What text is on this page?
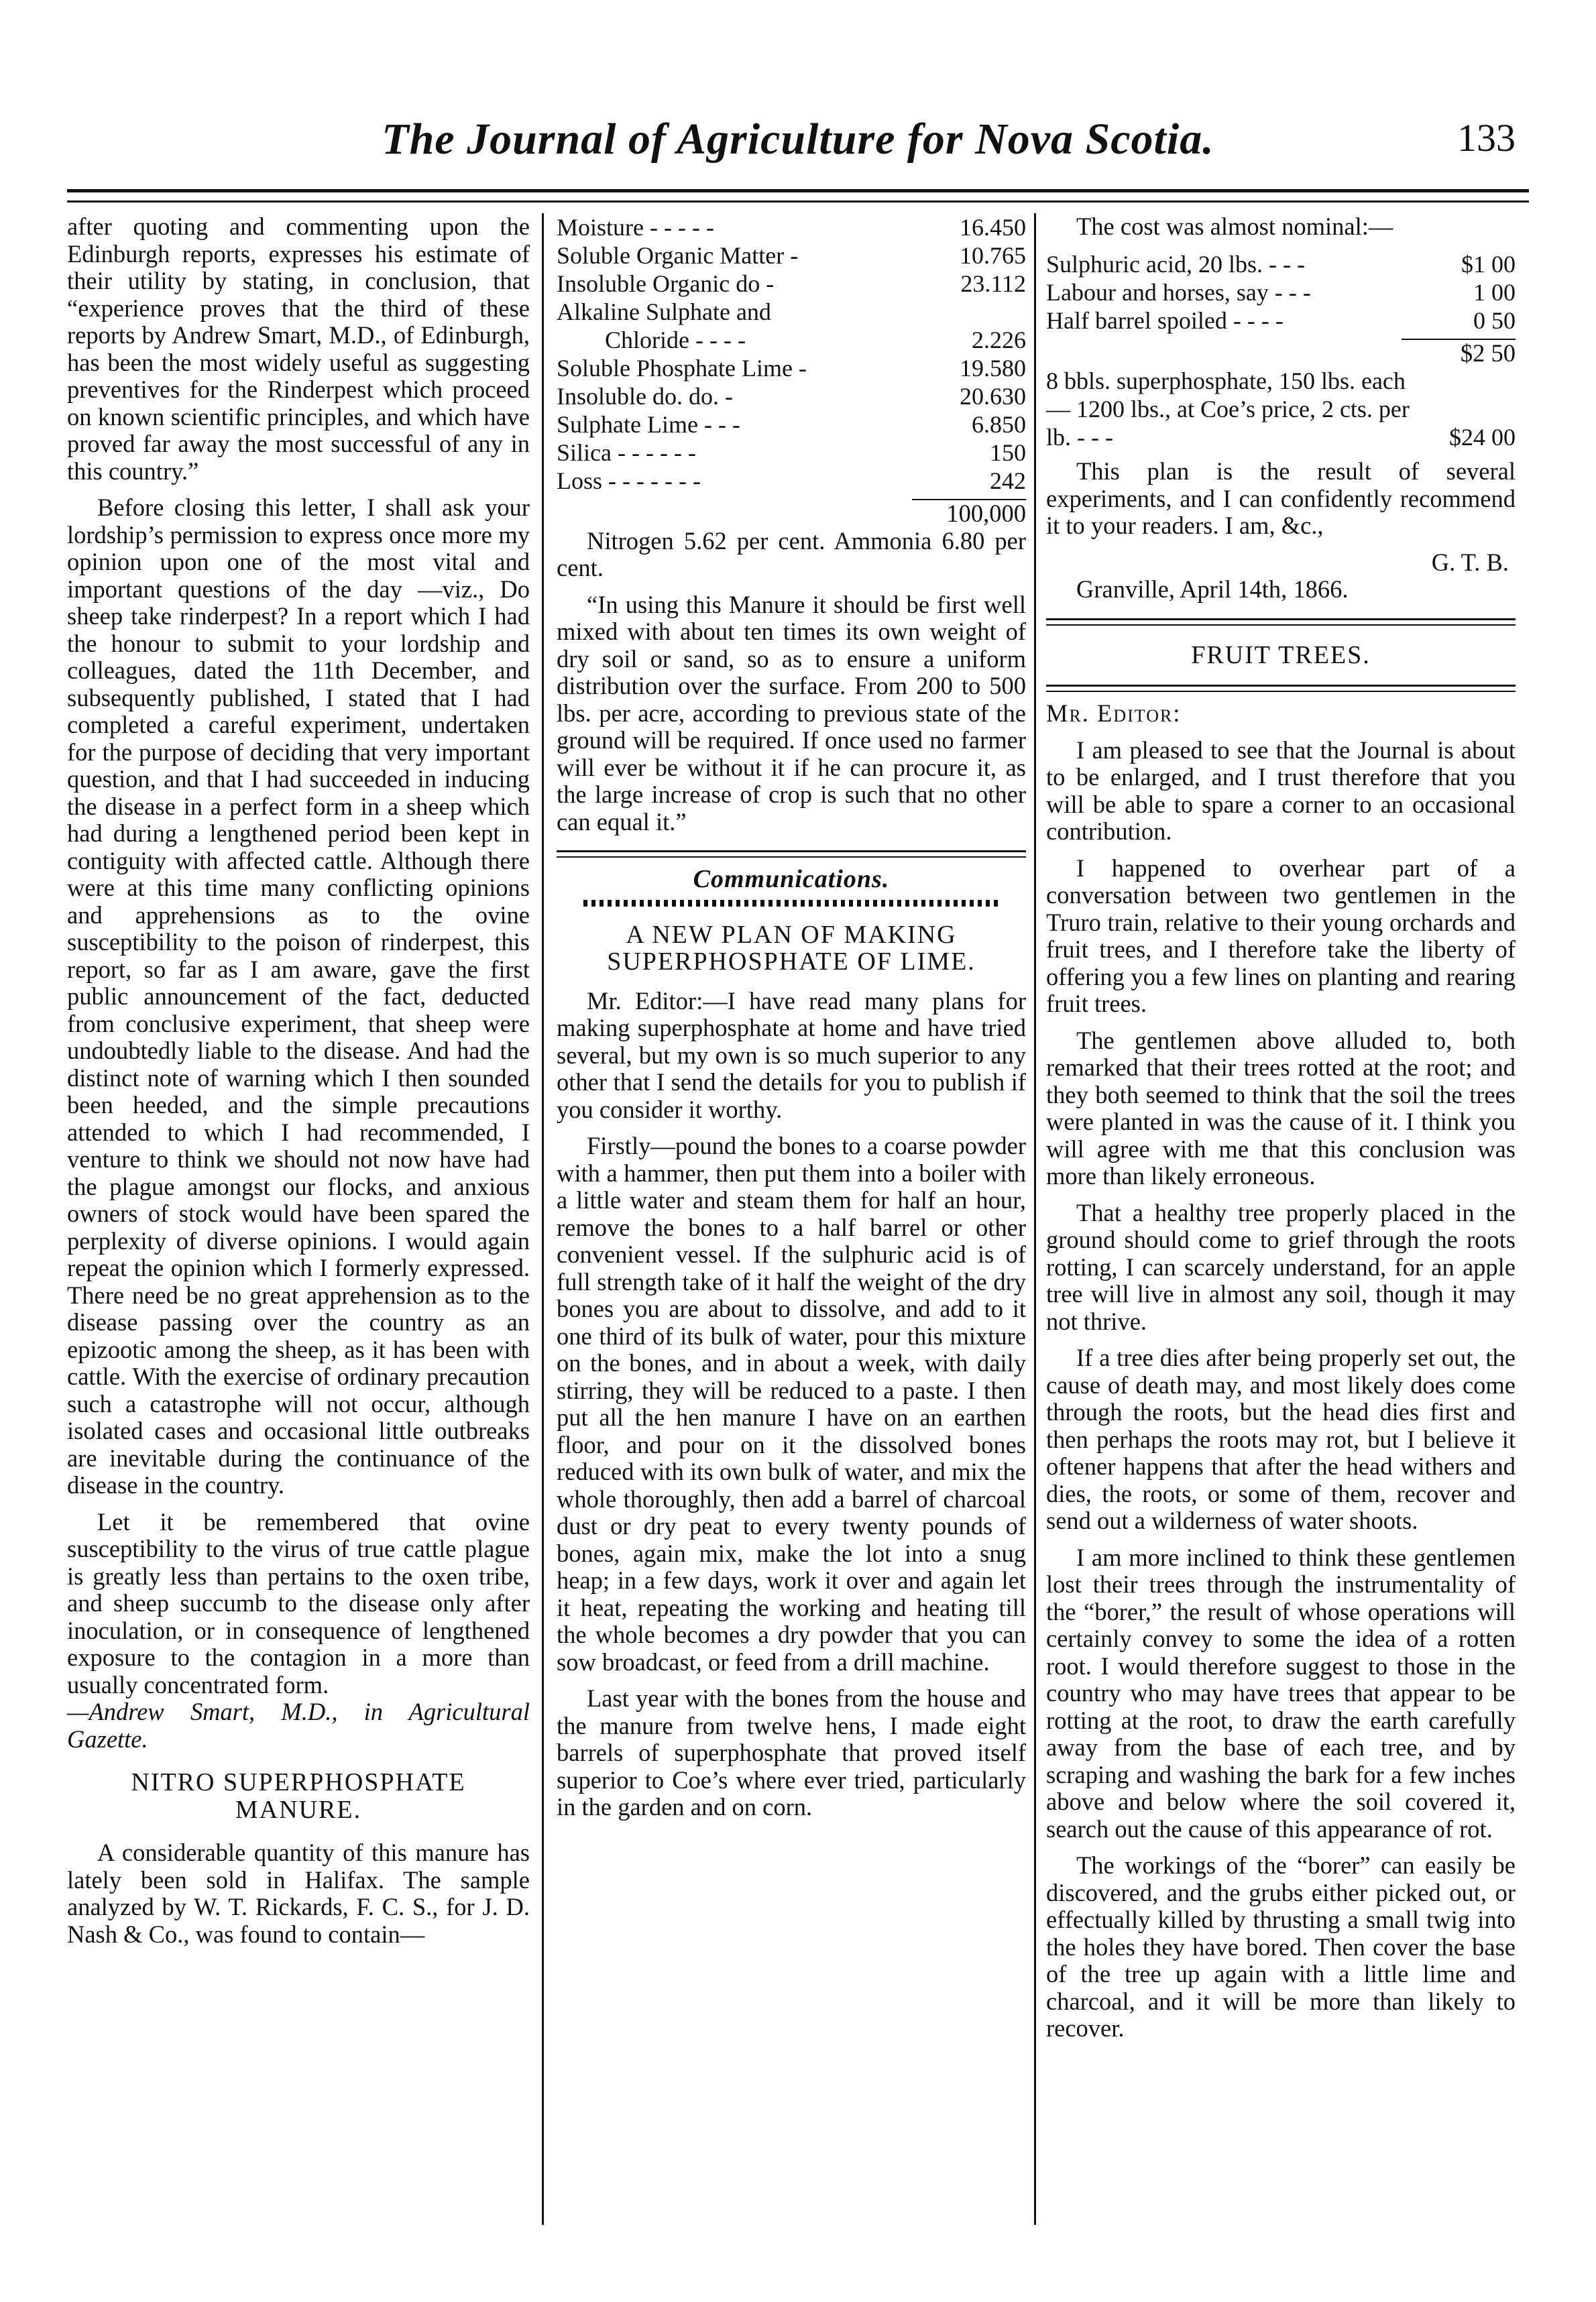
The Journal of Agriculture for Nova Scotia.	133

after quoting and commenting upon the Edinburgh reports, expresses his estimate of their utility by stating, in conclusion, that “experience proves that the third of these reports by Andrew Smart, M.D., of Edinburgh, has been the most widely useful as suggesting preventives for the Rinderpest which proceed on known scientific principles, and which have proved far away the most successful of any in this country.”

Before closing this letter, I shall ask your lordship’s permission to express once more my opinion upon one of the most vital and important questions of the day —viz., Do sheep take rinderpest? In a report which I had the honour to submit to your lordship and colleagues, dated the 11th December, and subsequently published, I stated that I had completed a careful experiment, undertaken for the purpose of deciding that very important question, and that I had succeeded in inducing the disease in a perfect form in a sheep which had during a lengthened period been kept in contiguity with affected cattle. Although there were at this time many conflicting opinions and apprehensions as to the ovine susceptibility to the poison of rinderpest, this report, so far as I am aware, gave the first public announcement of the fact, deducted from conclusive experiment, that sheep were undoubtedly liable to the disease. And had the distinct note of warning which I then sounded been heeded, and the simple precautions attended to which I had recommended, I venture to think we should not now have had the plague amongst our flocks, and anxious owners of stock would have been spared the perplexity of diverse opinions. I would again repeat the opinion which I formerly expressed. There need be no great apprehension as to the disease passing over the country as an epizootic among the sheep, as it has been with cattle. With the exercise of ordinary precaution such a catastrophe will not occur, although isolated cases and occasional little outbreaks are inevitable during the continuance of the disease in the country.

Let it be remembered that ovine susceptibility to the virus of true cattle plague is greatly less than pertains to the oxen tribe, and sheep succumb to the disease only after inoculation, or in consequence of lengthened exposure to the contagion in a more than usually concentrated form.

—Andrew Smart, M.D., in Agricultural Gazette.

NITRO SUPERPHOSPHATE MANURE.

A considerable quantity of this manure has lately been sold in Halifax. The sample analyzed by W. T. Rickards, F. C. S., for J. D. Nash & Co., was found to contain—

Moisture - - - - -	16.450
Soluble Organic Matter -	10.765
Insoluble Organic do -	23.112
Alkaline Sulphate and	
  Chloride - - - -	2.226
Soluble Phosphate Lime -	19.580
Insoluble do. do. -	20.630
Sulphate Lime - - -	6.850
Silica - - - - - -	150
Loss - - - - - - -	242
100,000

Nitrogen 5.62 per cent. Ammonia 6.80 per cent.

“In using this Manure it should be first well mixed with about ten times its own weight of dry soil or sand, so as to ensure a uniform distribution over the surface. From 200 to 500 lbs. per acre, according to previous state of the ground will be required. If once used no farmer will ever be without it if he can procure it, as the large increase of crop is such that no other can equal it.”

Communications.
A NEW PLAN OF MAKING SUPERPHOSPHATE OF LIME.

Mr. Editor:—I have read many plans for making superphosphate at home and have tried several, but my own is so much superior to any other that I send the details for you to publish if you consider it worthy.

Firstly—pound the bones to a coarse powder with a hammer, then put them into a boiler with a little water and steam them for half an hour, remove the bones to a half barrel or other convenient vessel. If the sulphuric acid is of full strength take of it half the weight of the dry bones you are about to dissolve, and add to it one third of its bulk of water, pour this mixture on the bones, and in about a week, with daily stirring, they will be reduced to a paste. I then put all the hen manure I have on an earthen floor, and pour on it the dissolved bones reduced with its own bulk of water, and mix the whole thoroughly, then add a barrel of charcoal dust or dry peat to every twenty pounds of bones, again mix, make the lot into a snug heap; in a few days, work it over and again let it heat, repeating the working and heating till the whole becomes a dry powder that you can sow broadcast, or feed from a drill machine.

Last year with the bones from the house and the manure from twelve hens, I made eight barrels of superphosphate that proved itself superior to Coe’s where ever tried, particularly in the garden and on corn.

The cost was almost nominal:—

Sulphuric acid, 20 lbs. - - -	$1 00
Labour and horses, say - - -	1 00
Half barrel spoiled - - - -	0 50
$2 50
8 bbls. superphosphate, 150 lbs. each — 1200 lbs., at Coe’s price, 2 cts. per lb. - - -	$24 00

This plan is the result of several experiments, and I can confidently recommend it to your readers. I am, &c.,

G. T. B.

Granville, April 14th, 1866.

FRUIT TREES.

Mr. Editor:

I am pleased to see that the Journal is about to be enlarged, and I trust therefore that you will be able to spare a corner to an occasional contribution.

I happened to overhear part of a conversation between two gentlemen in the Truro train, relative to their young orchards and fruit trees, and I therefore take the liberty of offering you a few lines on planting and rearing fruit trees.

The gentlemen above alluded to, both remarked that their trees rotted at the root; and they both seemed to think that the soil the trees were planted in was the cause of it. I think you will agree with me that this conclusion was more than likely erroneous.

That a healthy tree properly placed in the ground should come to grief through the roots rotting, I can scarcely understand, for an apple tree will live in almost any soil, though it may not thrive.

If a tree dies after being properly set out, the cause of death may, and most likely does come through the roots, but the head dies first and then perhaps the roots may rot, but I believe it oftener happens that after the head withers and dies, the roots, or some of them, recover and send out a wilderness of water shoots.

I am more inclined to think these gentlemen lost their trees through the instrumentality of the “borer,” the result of whose operations will certainly convey to some the idea of a rotten root. I would therefore suggest to those in the country who may have trees that appear to be rotting at the root, to draw the earth carefully away from the base of each tree, and by scraping and washing the bark for a few inches above and below where the soil covered it, search out the cause of this appearance of rot.

The workings of the “borer” can easily be discovered, and the grubs either picked out, or effectually killed by thrusting a small twig into the holes they have bored. Then cover the base of the tree up again with a little lime and charcoal, and it will be more than likely to recover.
